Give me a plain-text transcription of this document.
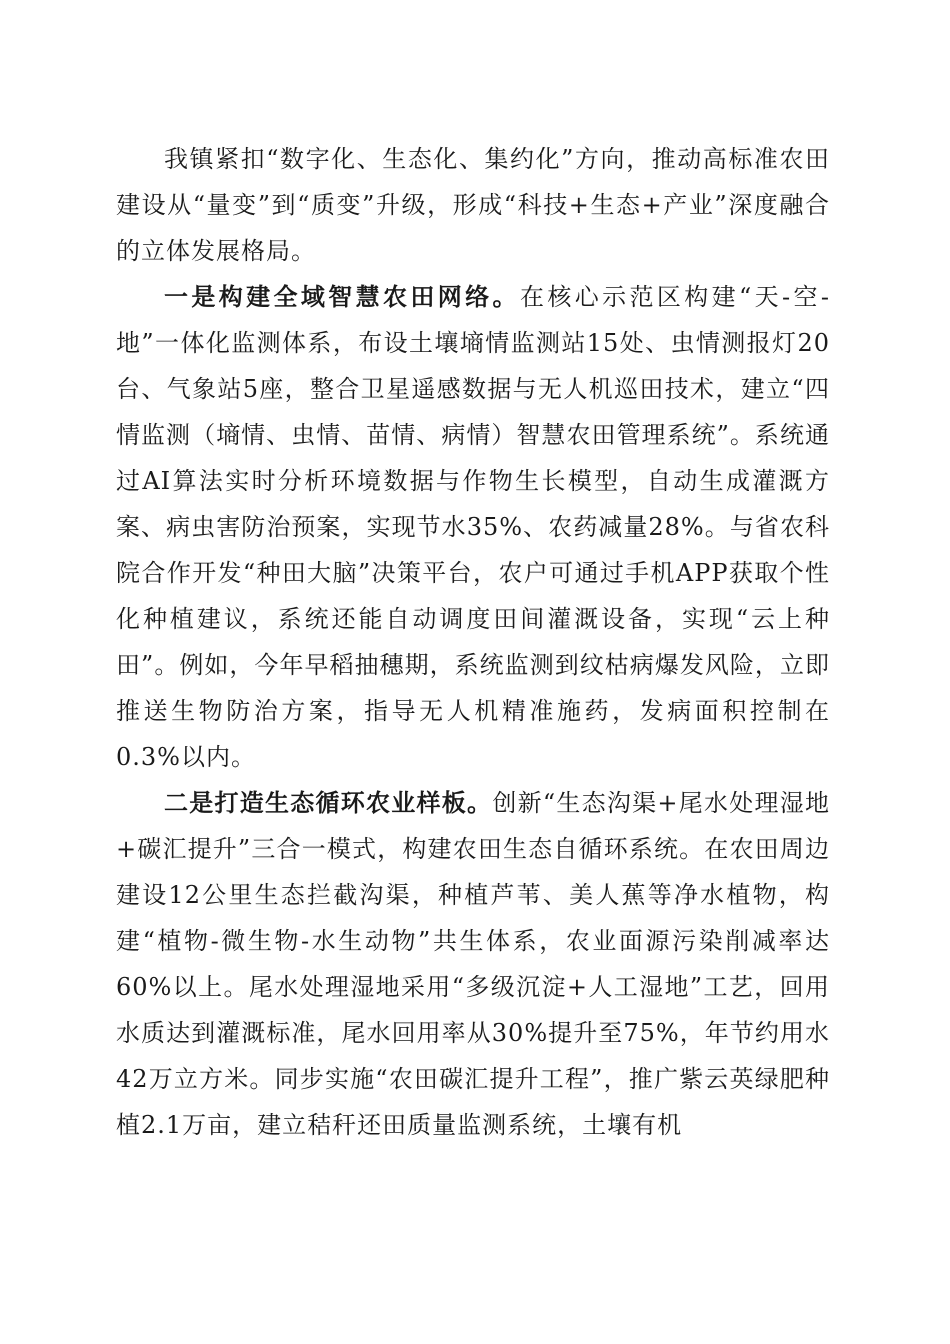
我镇紧扣“数字化、生态化、集约化”方向，推动高标准农田建设从“量变”到“质变”升级，形成“科技+生态+产业”深度融合的立体发展格局。

一是构建全域智慧农田网络。在核心示范区构建“天-空-地”一体化监测体系，布设土壤墒情监测站15处、虫情测报灯20台、气象站5座，整合卫星遥感数据与无人机巡田技术，建立“四情监测（墒情、虫情、苗情、病情）智慧农田管理系统”。系统通过AI算法实时分析环境数据与作物生长模型，自动生成灌溉方案、病虫害防治预案，实现节水35%、农药减量28%。与省农科院合作开发“种田大脑”决策平台，农户可通过手机APP获取个性化种植建议，系统还能自动调度田间灌溉设备，实现“云上种田”。例如，今年早稻抽穗期，系统监测到纹枯病爆发风险，立即推送生物防治方案，指导无人机精准施药，发病面积控制在0.3%以内。

二是打造生态循环农业样板。创新“生态沟渠+尾水处理湿地+碳汇提升”三合一模式，构建农田生态自循环系统。在农田周边建设12公里生态拦截沟渠，种植芦苇、美人蕉等净水植物，构建“植物-微生物-水生动物”共生体系，农业面源污染削减率达60%以上。尾水处理湿地采用“多级沉淀+人工湿地”工艺，回用水质达到灌溉标准，尾水回用率从30%提升至75%，年节约用水42万立方米。同步实施“农田碳汇提升工程”，推广紫云英绿肥种植2.1万亩，建立秸秆还田质量监测系统，土壤有机
